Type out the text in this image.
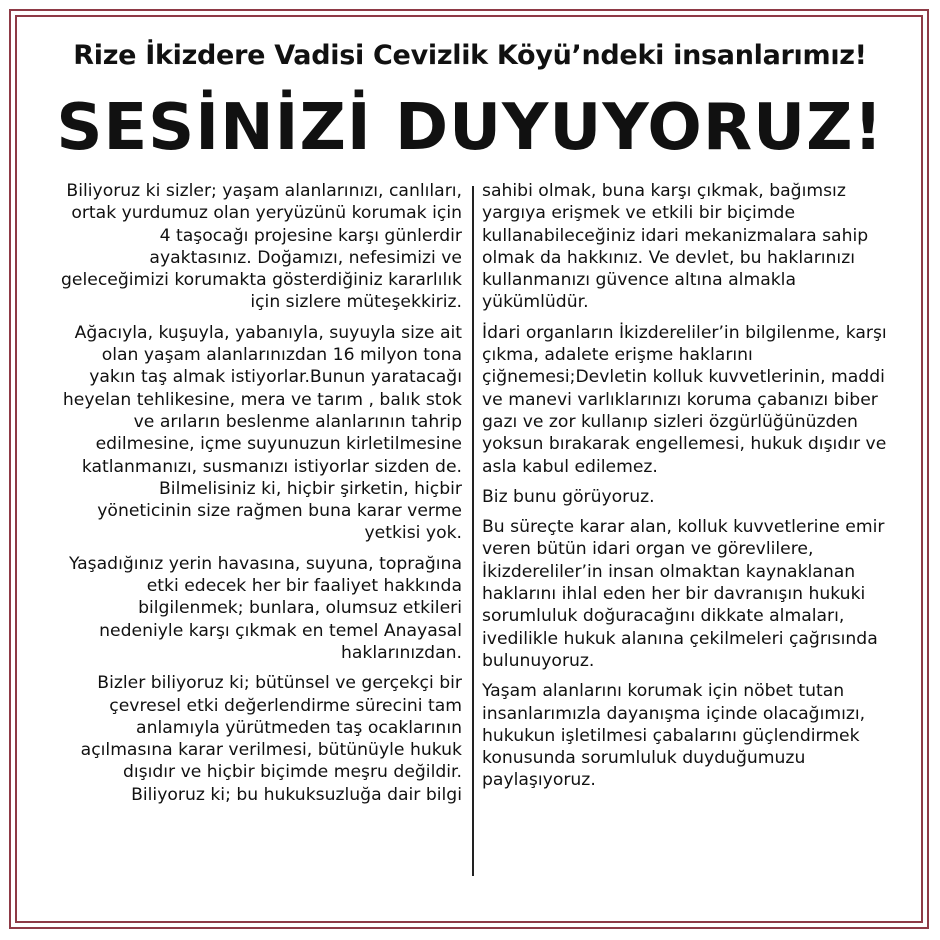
Rize İkizdere Vadisi Cevizlik Köyü’ndeki insanlarımız!
SESİNİZİ DUYUYORUZ!

Biliyoruz ki sizler; yaşam alanlarınızı, canlıları, ortak yurdumuz olan yeryüzünü korumak için 4 taşocağı projesine karşı günlerdir ayaktasınız. Doğamızı, nefesimizi ve geleceğimizi korumakta gösterdiğiniz kararlılık için sizlere müteşekkiriz.

Ağacıyla, kuşuyla, yabanıyla, suyuyla size ait olan yaşam alanlarınızdan 16 milyon tona yakın taş almak istiyorlar.Bunun yaratacağı heyelan tehlikesine, mera ve tarım , balık stok ve arıların beslenme alanlarının tahrip edilmesine, içme suyunuzun kirletilmesine katlanmanızı, susmanızı istiyorlar sizden de. Bilmelisiniz ki, hiçbir şirketin, hiçbir yöneticinin size rağmen buna karar verme yetkisi yok.

Yaşadığınız yerin havasına, suyuna, toprağına etki edecek her bir faaliyet hakkında bilgilenmek; bunlara, olumsuz etkileri nedeniyle karşı çıkmak en temel Anayasal haklarınızdan.

Bizler biliyoruz ki; bütünsel ve gerçekçi bir çevresel etki değerlendirme sürecini tam anlamıyla yürütmeden taş ocaklarının açılmasına karar verilmesi, bütünüyle hukuk dışıdır ve hiçbir biçimde meşru değildir. Biliyoruz ki; bu hukuksuzluğa dair bilgi

sahibi olmak, buna karşı çıkmak, bağımsız yargıya erişmek ve etkili bir biçimde kullanabileceğiniz idari mekanizmalara sahip olmak da hakkınız. Ve devlet, bu haklarınızı kullanmanızı güvence altına almakla yükümlüdür.

İdari organların İkizdereliler’in bilgilenme, karşı çıkma, adalete erişme haklarını çiğnemesi;Devletin kolluk kuvvetlerinin, maddi ve manevi varlıklarınızı koruma çabanızı biber gazı ve zor kullanıp sizleri özgürlüğünüzden yoksun bırakarak engellemesi, hukuk dışıdır ve asla kabul edilemez.

Biz bunu görüyoruz.

Bu süreçte karar alan, kolluk kuvvetlerine emir veren bütün idari organ ve görevlilere, İkizdereliler’in insan olmaktan kaynaklanan haklarını ihlal eden her bir davranışın hukuki sorumluluk doğuracağını dikkate almaları, ivedilikle hukuk alanına çekilmeleri çağrısında bulunuyoruz.

Yaşam alanlarını korumak için nöbet tutan insanlarımızla dayanışma içinde olacağımızı, hukukun işletilmesi çabalarını güçlendirmek konusunda sorumluluk duyduğumuzu paylaşıyoruz.
